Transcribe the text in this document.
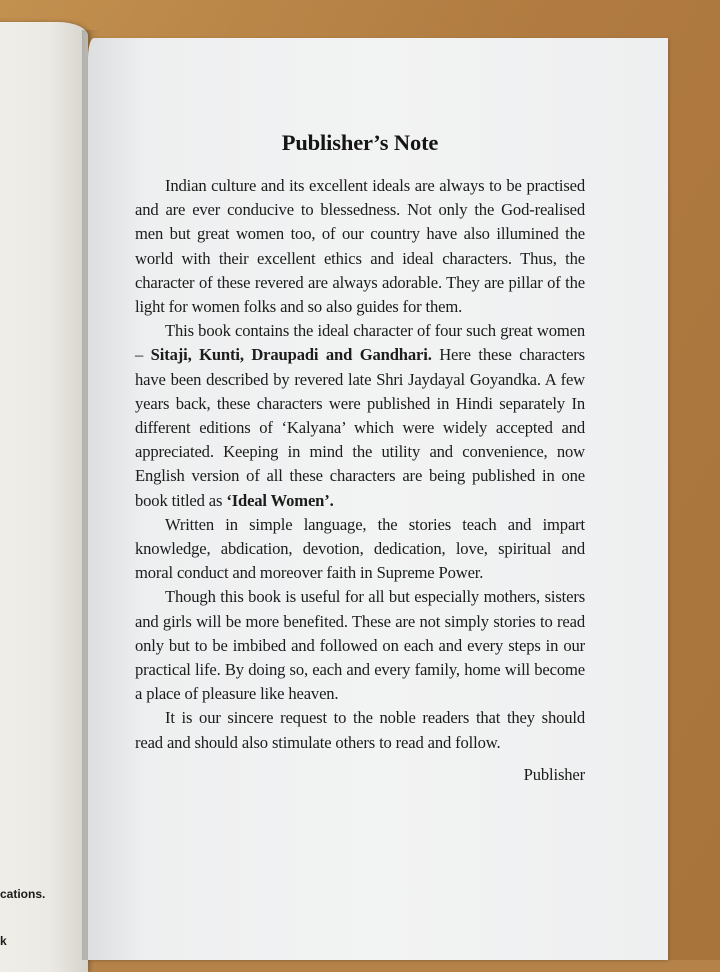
cations.
k
Publisher’s Note

Indian culture and its excellent ideals are always to be practised and are ever conducive to blessedness. Not only the God-realised men but great women too, of our country have also illumined the world with their excellent ethics and ideal characters. Thus, the character of these revered are always adorable. They are pillar of the light for women folks and so also guides for them.

This book contains the ideal character of four such great women – Sitaji, Kunti, Draupadi and Gandhari. Here these characters have been described by revered late Shri Jaydayal Goyandka. A few years back, these characters were published in Hindi separately In different editions of ‘Kalyana’ which were widely accepted and appreciated. Keeping in mind the utility and convenience, now English version of all these characters are being published in one book titled as ‘Ideal Women’.

Written in simple language, the stories teach and impart knowledge, abdication, devotion, dedication, love, spiritual and moral conduct and moreover faith in Supreme Power.

Though this book is useful for all but especially mothers, sisters and girls will be more benefited. These are not simply stories to read only but to be imbibed and followed on each and every steps in our practical life. By doing so, each and every family, home will become a place of pleasure like heaven.

It is our sincere request to the noble readers that they should read and should also stimulate others to read and follow.

Publisher
